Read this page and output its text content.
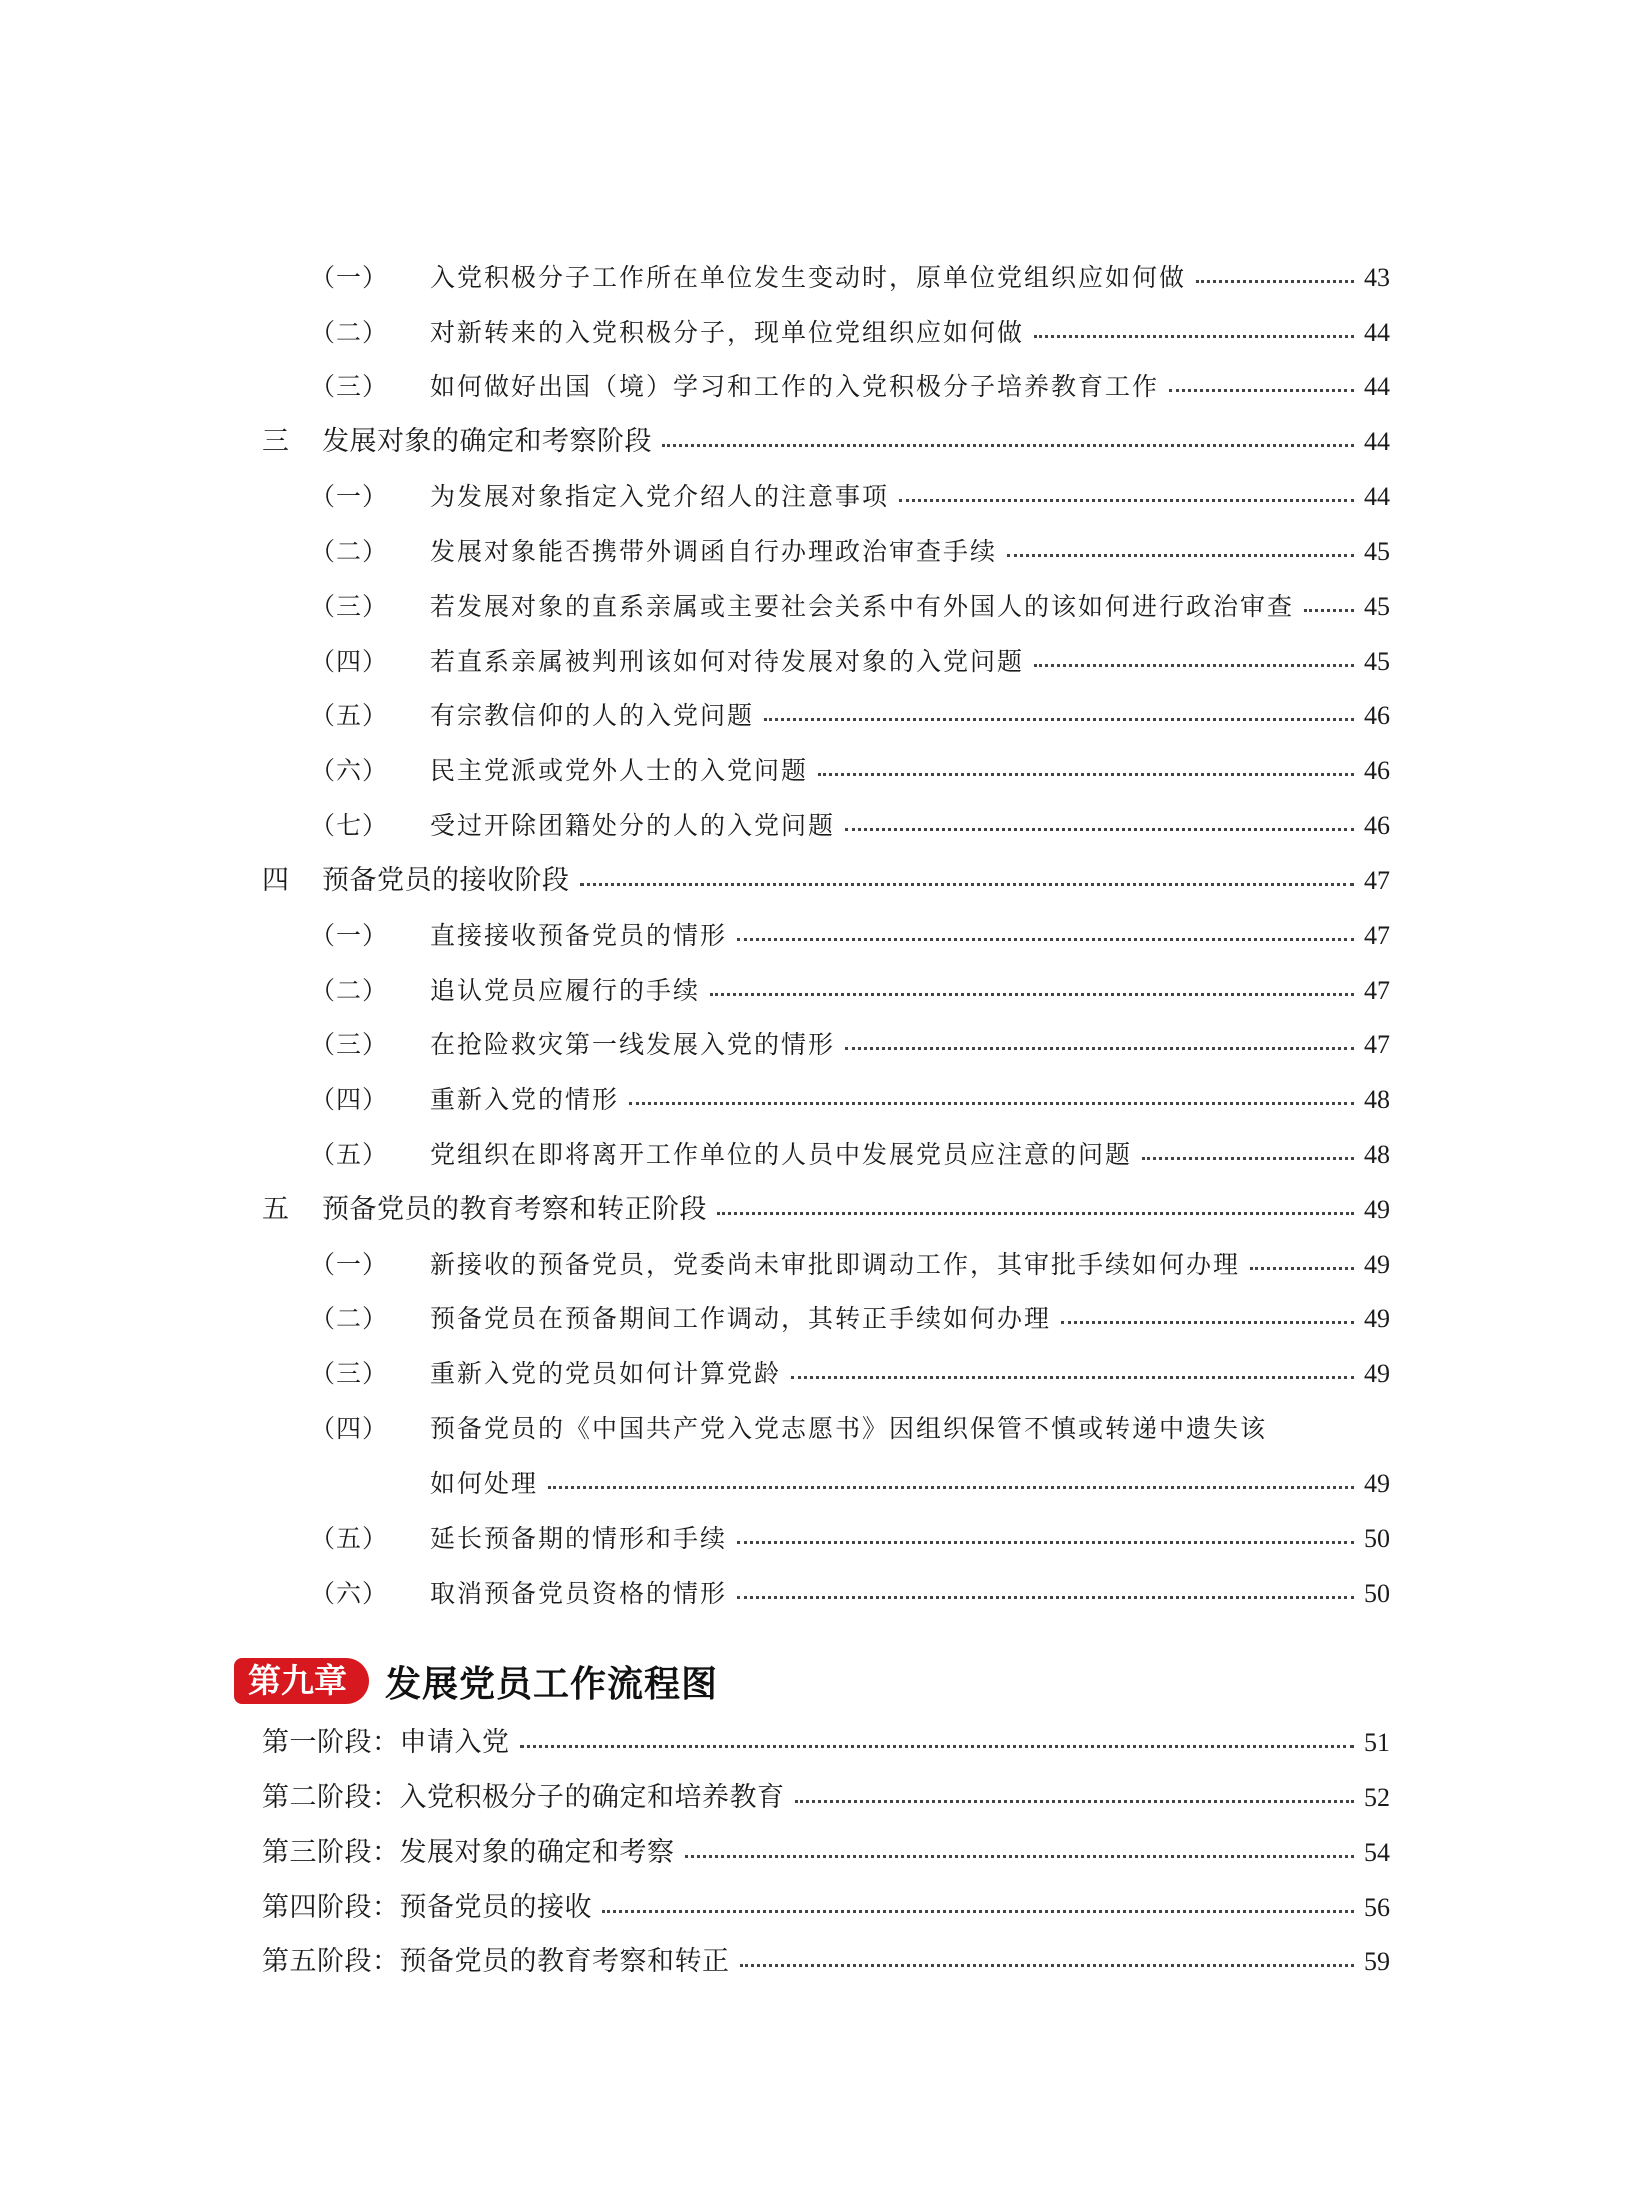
（一）	入党积极分子工作所在单位发生变动时，原单位党组织应如何做	43
（二）	对新转来的入党积极分子，现单位党组织应如何做	44
（三）	如何做好出国（境）学习和工作的入党积极分子培养教育工作	44
三	发展对象的确定和考察阶段	44
（一）	为发展对象指定入党介绍人的注意事项	44
（二）	发展对象能否携带外调函自行办理政治审查手续	45
（三）	若发展对象的直系亲属或主要社会关系中有外国人的该如何进行政治审查	45
（四）	若直系亲属被判刑该如何对待发展对象的入党问题	45
（五）	有宗教信仰的人的入党问题	46
（六）	民主党派或党外人士的入党问题	46
（七）	受过开除团籍处分的人的入党问题	46
四	预备党员的接收阶段	47
（一）	直接接收预备党员的情形	47
（二）	追认党员应履行的手续	47
（三）	在抢险救灾第一线发展入党的情形	47
（四）	重新入党的情形	48
（五）	党组织在即将离开工作单位的人员中发展党员应注意的问题	48
五	预备党员的教育考察和转正阶段	49
（一）	新接收的预备党员，党委尚未审批即调动工作，其审批手续如何办理	49
（二）	预备党员在预备期间工作调动，其转正手续如何办理	49
（三）	重新入党的党员如何计算党龄	49
（四）	预备党员的《中国共产党入党志愿书》因组织保管不慎或转递中遗失该
如何处理	49
（五）	延长预备期的情形和手续	50
（六）	取消预备党员资格的情形	50
第九章	发展党员工作流程图
第一阶段：申请入党	51
第二阶段：入党积极分子的确定和培养教育	52
第三阶段：发展对象的确定和考察	54
第四阶段：预备党员的接收	56
第五阶段：预备党员的教育考察和转正	59
